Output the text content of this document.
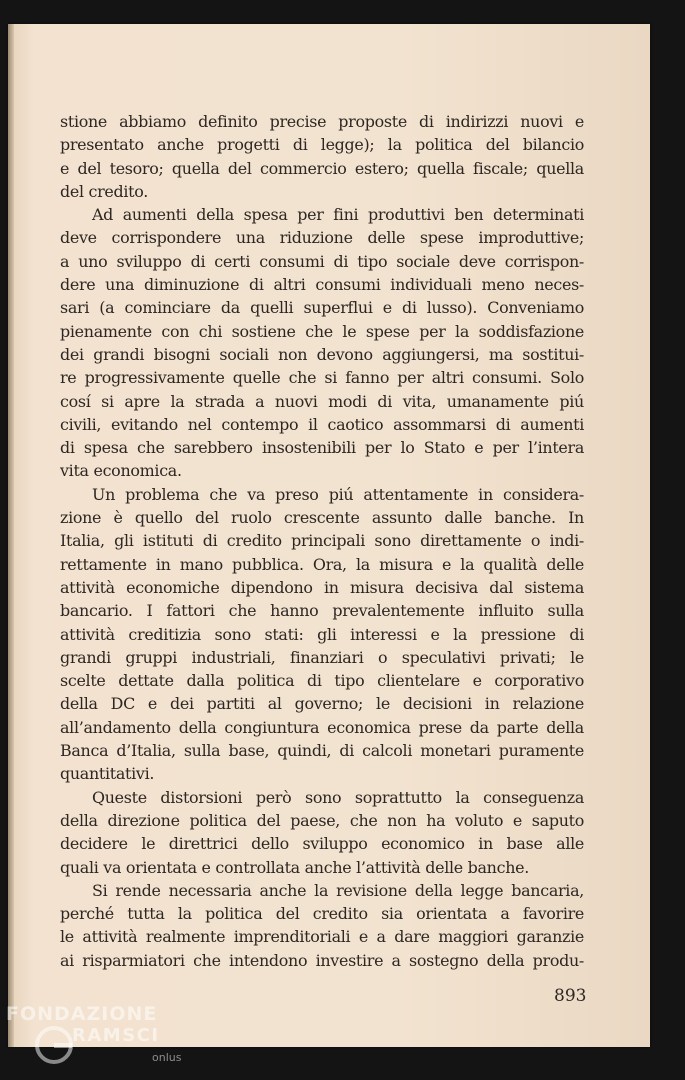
stione abbiamo definito precise proposte di indirizzi nuovi e
presentato anche progetti di legge); la politica del bilancio
e del tesoro; quella del commercio estero; quella fiscale; quella
del credito.
Ad aumenti della spesa per fini produttivi ben determinati
deve corrispondere una riduzione delle spese improduttive;
a uno sviluppo di certi consumi di tipo sociale deve corrispon-
dere una diminuzione di altri consumi individuali meno neces-
sari (a cominciare da quelli superflui e di lusso). Conveniamo
pienamente con chi sostiene che le spese per la soddisfazione
dei grandi bisogni sociali non devono aggiungersi, ma sostitui-
re progressivamente quelle che si fanno per altri consumi. Solo
cosí si apre la strada a nuovi modi di vita, umanamente piú
civili, evitando nel contempo il caotico assommarsi di aumenti
di spesa che sarebbero insostenibili per lo Stato e per l’intera
vita economica.
Un problema che va preso piú attentamente in considera-
zione è quello del ruolo crescente assunto dalle banche. In
Italia, gli istituti di credito principali sono direttamente o indi-
rettamente in mano pubblica. Ora, la misura e la qualità delle
attività economiche dipendono in misura decisiva dal sistema
bancario. I fattori che hanno prevalentemente influito sulla
attività creditizia sono stati: gli interessi e la pressione di
grandi gruppi industriali, finanziari o speculativi privati; le
scelte dettate dalla politica di tipo clientelare e corporativo
della DC e dei partiti al governo; le decisioni in relazione
all’andamento della congiuntura economica prese da parte della
Banca d’Italia, sulla base, quindi, di calcoli monetari puramente
quantitativi.
Queste distorsioni però sono soprattutto la conseguenza
della direzione politica del paese, che non ha voluto e saputo
decidere le direttrici dello sviluppo economico in base alle
quali va orientata e controllata anche l’attività delle banche.
Si rende necessaria anche la revisione della legge bancaria,
perché tutta la politica del credito sia orientata a favorire
le attività realmente imprenditoriali e a dare maggiori garanzie
ai risparmiatori che intendono investire a sostegno della produ-
893
FONDAZIONE
RAMSCI
onlus
